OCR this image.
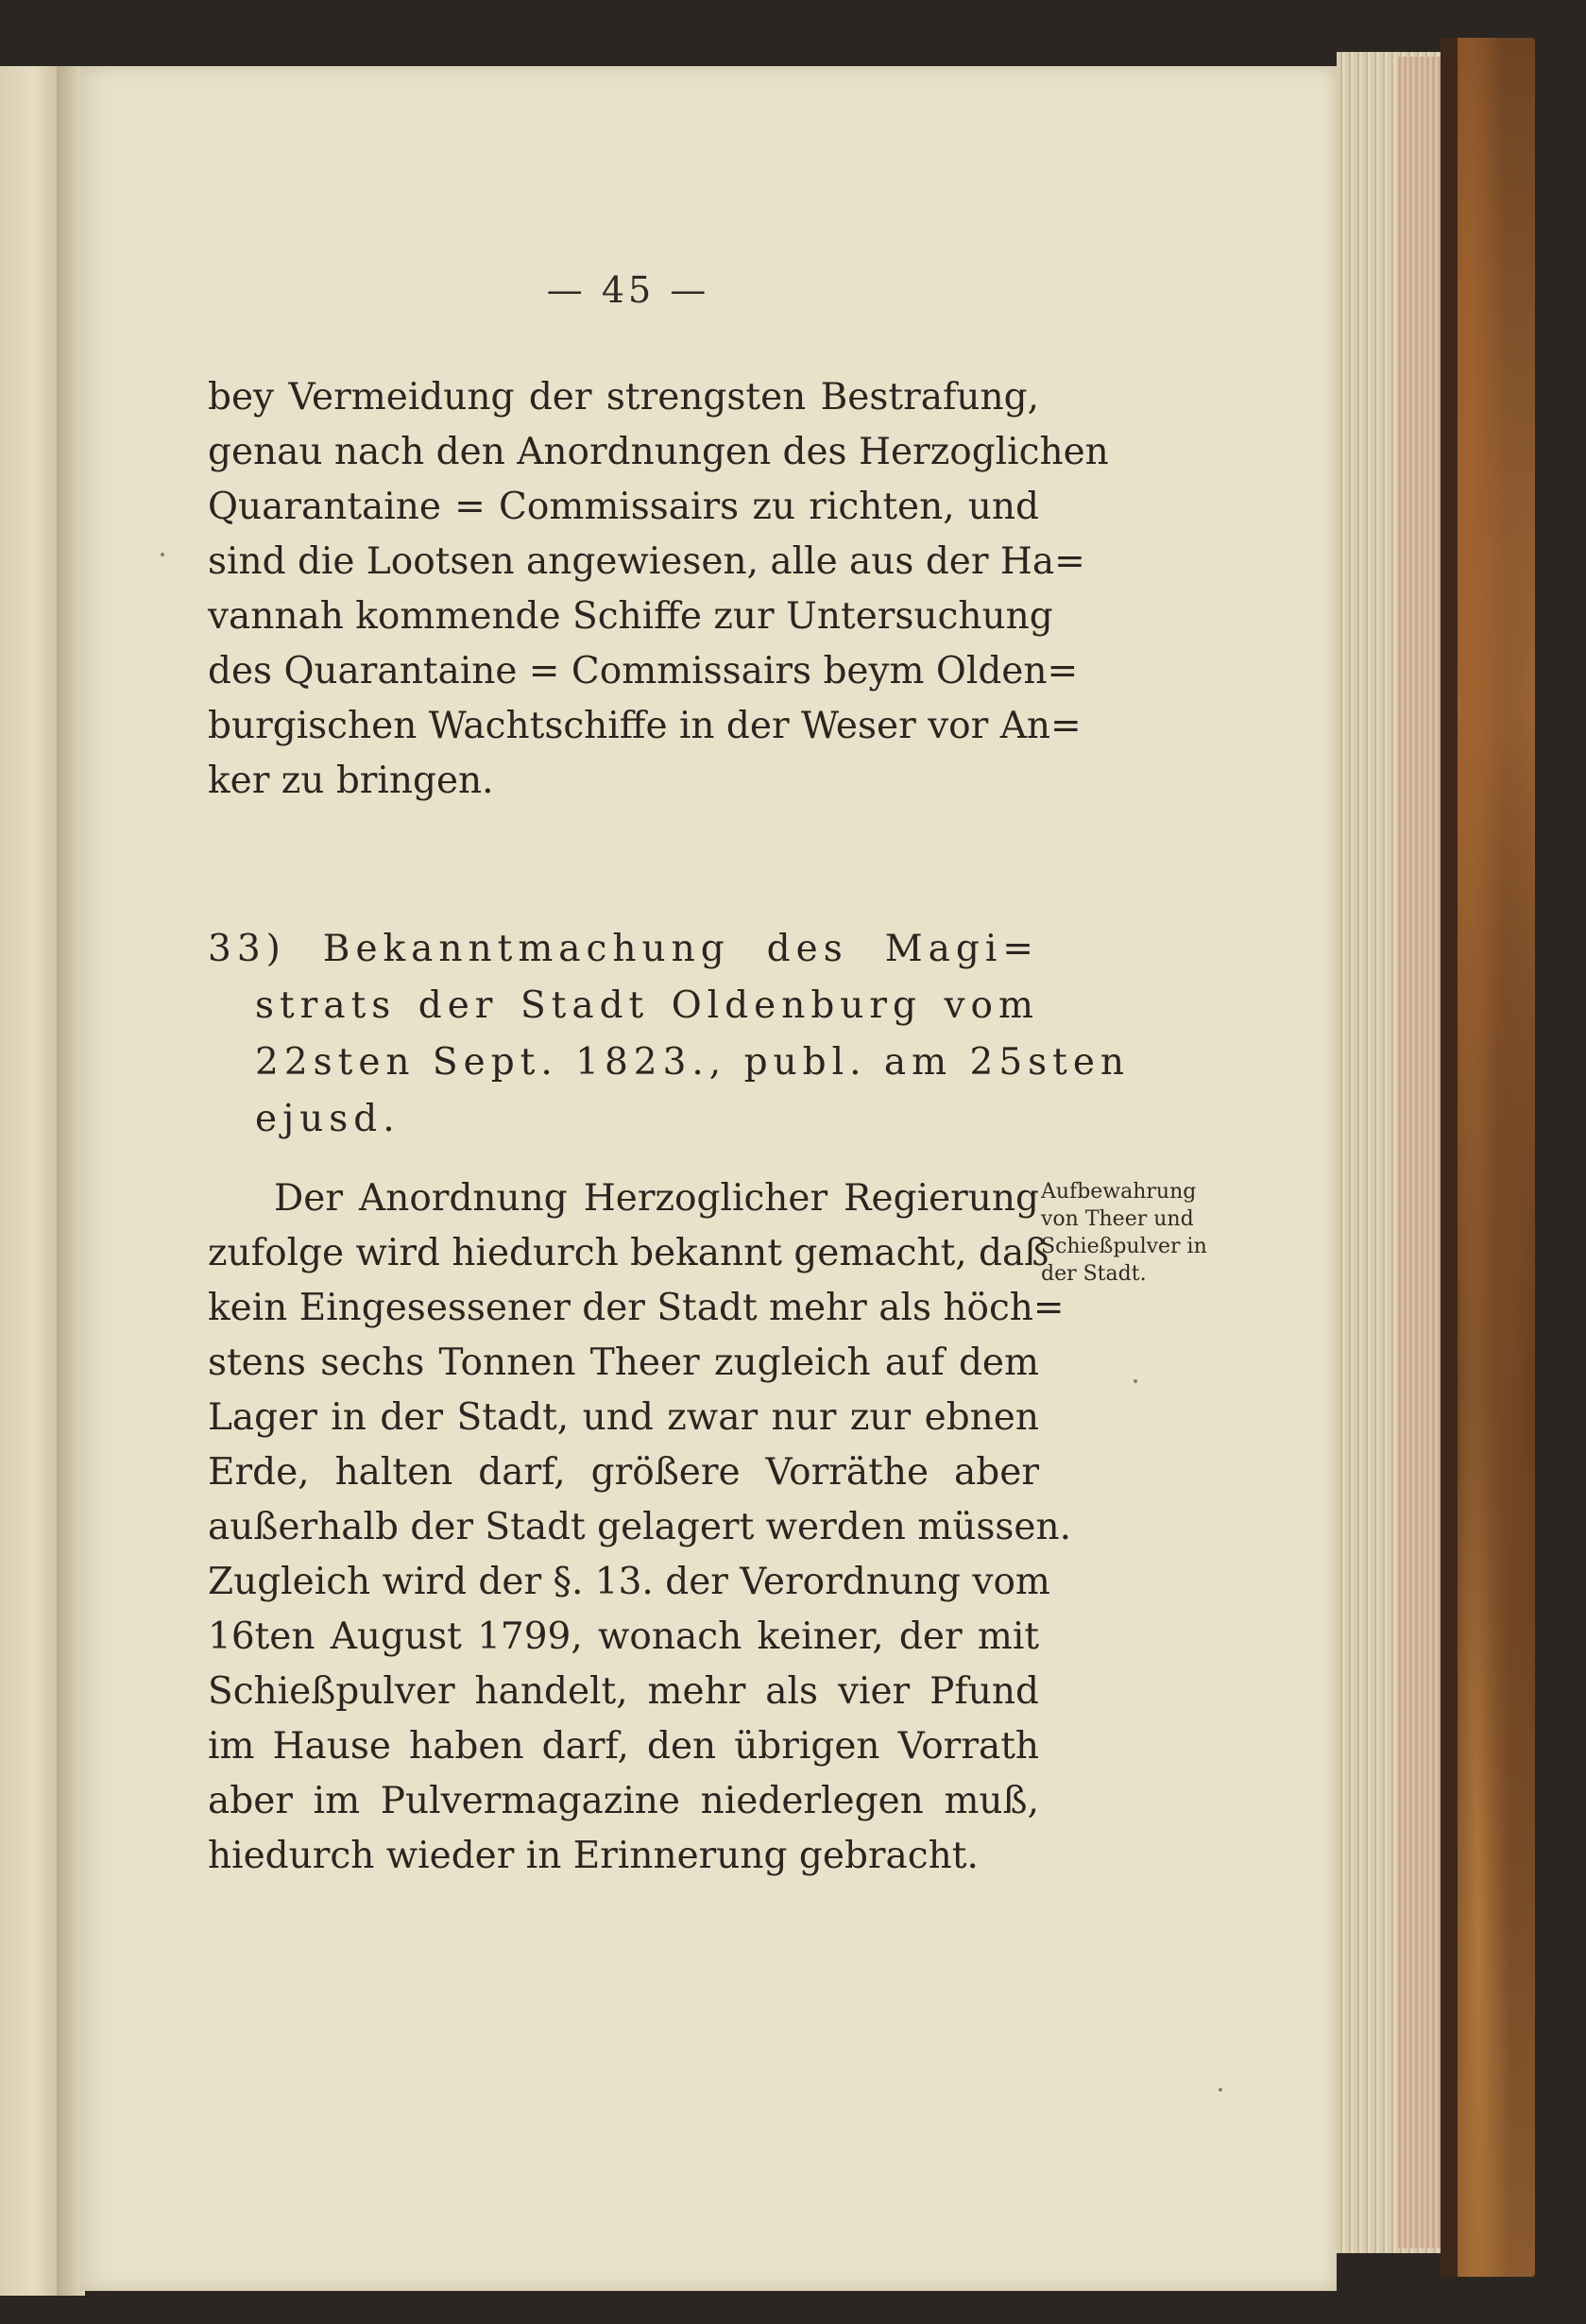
— 45 —
bey Vermeidung der strengsten Bestrafung,
genau nach den Anordnungen des Herzoglichen
Quarantaine = Commissairs zu richten, und
sind die Lootsen angewiesen, alle aus der Ha=
vannah kommende Schiffe zur Untersuchung
des Quarantaine = Commissairs beym Olden=
burgischen Wachtschiffe in der Weser vor An=
ker zu bringen.
33) Bekanntmachung des Magi=
strats der Stadt Oldenburg vom
22sten Sept. 1823., publ. am 25sten
ejusd.
Der Anordnung Herzoglicher Regierung
zufolge wird hiedurch bekannt gemacht, daß
kein Eingesessener der Stadt mehr als höch=
stens sechs Tonnen Theer zugleich auf dem
Lager in der Stadt, und zwar nur zur ebnen
Erde, halten darf, größere Vorräthe aber
außerhalb der Stadt gelagert werden müssen.
Zugleich wird der §. 13. der Verordnung vom
16ten August 1799, wonach keiner, der mit
Schießpulver handelt, mehr als vier Pfund
im Hause haben darf, den übrigen Vorrath
aber im Pulvermagazine niederlegen muß,
hiedurch wieder in Erinnerung gebracht.
Aufbewahrung
von Theer und
Schießpulver in
der Stadt.
